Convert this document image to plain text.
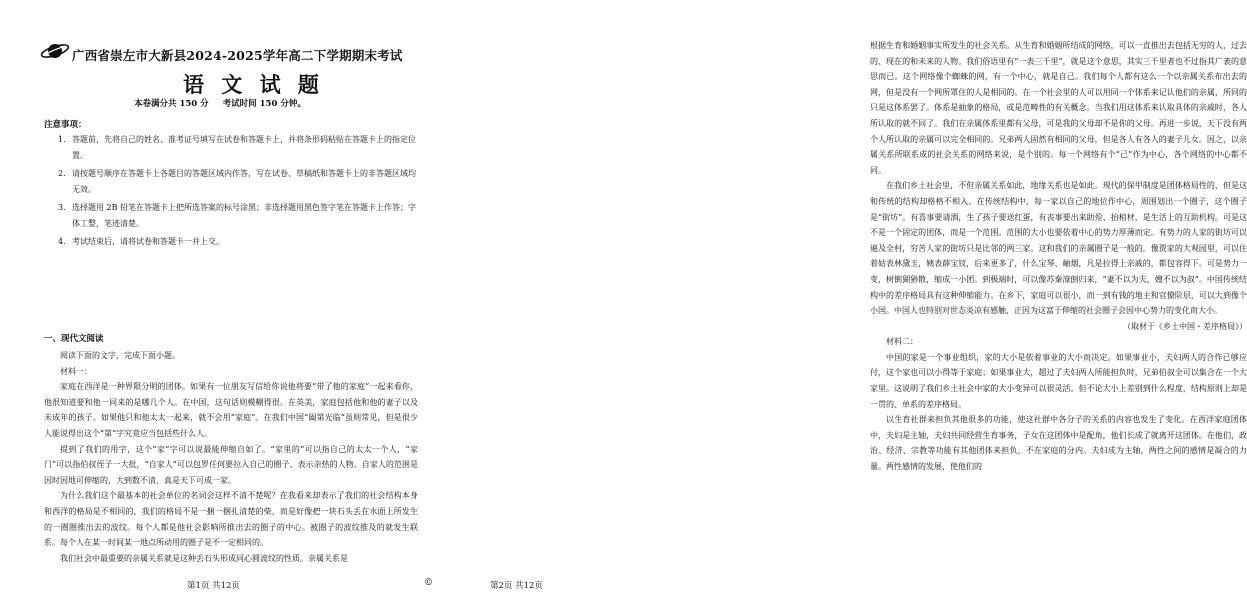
广西省崇左市大新县2024-2025学年高二下学期期末考试
语 文 试 题
本卷满分共 150 分 考试时间 150 分钟。
注意事项：
1. 答题前，先将自己的姓名、准考证号填写在试卷和答题卡上，并将条形码粘贴在答题卡上的指定位置。
2. 请按题号顺序在答题卡上各题目的答题区域内作答，写在试卷、草稿纸和答题卡上的非答题区域均无效。
3. 选择题用 2B 铅笔在答题卡上把所选答案的标号涂黑；非选择题用黑色签字笔在答题卡上作答；字体工整，笔迹清楚。
4. 考试结束后，请将试卷和答题卡一并上交。
一、现代文阅读

阅读下面的文字，完成下面小题。

材料一：

家庭在西洋是一种界限分明的团体。如果有一位朋友写信给你说他将要“带了他的家庭”一起来看你，他很知道要和他一同来的是哪几个人。在中国，这句话则模糊得很。在英美，家庭包括他和他的妻子以及未成年的孩子。如果他只和他太太一起来，就不会用“家庭”。在我们中国“阖第光临”虽则常见，但是很少人能说得出这个“第”字究竟应当包括些什么人。

提到了我们的用字，这个“家”字可以说最能伸缩自如了。“家里的”可以指自己的太太一个人，“家门”可以指伯叔侄子一大批，“自家人”可以包罗任何要拉入自己的圈子、表示亲热的人物。自家人的范围是因时因地可伸缩的，大到数不清，真是天下可成一家。

为什么我们这个最基本的社会单位的名词会这样不清不楚呢？在我看来却表示了我们的社会结构本身和西洋的格局是不相同的，我们的格局不是一捆一捆扎清楚的柴，而是好像把一块石头丢在水面上所发生的一圈圈推出去的波纹。每个人都是他社会影响所推出去的圈子的中心。被圈子的波纹推及的就发生联系。每个人在某一时间某一地点所动用的圈子是不一定相同的。

我们社会中最重要的亲属关系就是这种丢石头形成同心圆波纹的性质。亲属关系是

第1页 共12页	©

根据生育和婚姻事实所发生的社会关系。从生育和婚姻所结成的网络，可以一直推出去包括无穷的人，过去的、现在的和未来的人物。我们俗语里有“一表三千里”，就是这个意思，其实三千里者也不过指其广袤的意思而已。这个网络像个蜘蛛的网，有一个中心，就是自己。我们每个人都有这么一个以亲属关系布出去的网，但是没有一个网所罩住的人是相同的。在一个社会里的人可以用同一个体系来记认他们的亲属，所同的只是这体系罢了。体系是抽象的格局，或是范畴性的有关概念。当我们用这体系来认取具体的亲戚时，各人所认取的就不同了。我们在亲属体系里都有父母，可是我的父母却不是你的父母。再进一步说，天下没有两个人所认取的亲属可以完全相同的。兄弟两人固然有相同的父母，但是各人有各人的妻子儿女。因之，以亲属关系所联系成的社会关系的网络来说，是个别的。每一个网络有个“己”作为中心，各个网络的中心都不同。

在我们乡土社会里，不但亲属关系如此，地缘关系也是如此。现代的保甲制度是团体格局性的，但是这和传统的结构却格格不相入。在传统结构中，每一家以自己的地位作中心，周围划出一个圈子，这个圈子是“街坊”。有喜事要请酒，生了孩子要送红蛋，有丧事要出来助殓、抬棺材，是生活上的互助机构。可是这不是一个固定的团体，而是一个范围。范围的大小也要依着中心的势力厚薄而定。有势力的人家的街坊可以遍及全村，穷苦人家的街坊只是比邻的两三家。这和我们的亲属圈子是一般的。像贾家的大观园里，可以住着姑表林黛玉，姨表薛宝钗，后来更多了，什么宝琴、岫烟，凡是拉得上亲戚的，都包容得下。可是势力一变，树倒猢狲散，缩成一小团。到极端时，可以像苏秦潦倒归来，“妻不以为夫，嫂不以为叔”。中国传统结构中的差序格局具有这种伸缩能力。在乡下，家庭可以很小，而一到有钱的地主和官僚阶层，可以大到像个小国。中国人也特别对世态炎凉有感触，正因为这富于伸缩的社会圈子会因中心势力的变化而大小。

（取材于《乡土中国・差序格局》）

材料二：

中国的家是一个事业组织，家的大小是依着事业的大小而决定。如果事业小，夫妇两人的合作已够应付，这个家也可以小得等于家庭；如果事业大，超过了夫妇两人所能担负时，兄弟伯叔全可以集合在一个大家里。这说明了我们乡土社会中家的大小变异可以很灵活。但不论大小上差别到什么程度，结构原则上却是一贯的、单系的差序格局。

以生育社群来担负其他很多的功能，使这社群中各分子的关系的内容也发生了变化。在西洋家庭团体中，夫妇是主轴，夫妇共同经营生育事务，子女在这团体中是配角，他们长成了就离开这团体。在他们，政治、经济、宗教等功能有其他团体来担负，不在家庭的分内。夫妇成为主轴，两性之间的感情是凝合的力量。两性感情的发展，使他们的

第2页 共12页
